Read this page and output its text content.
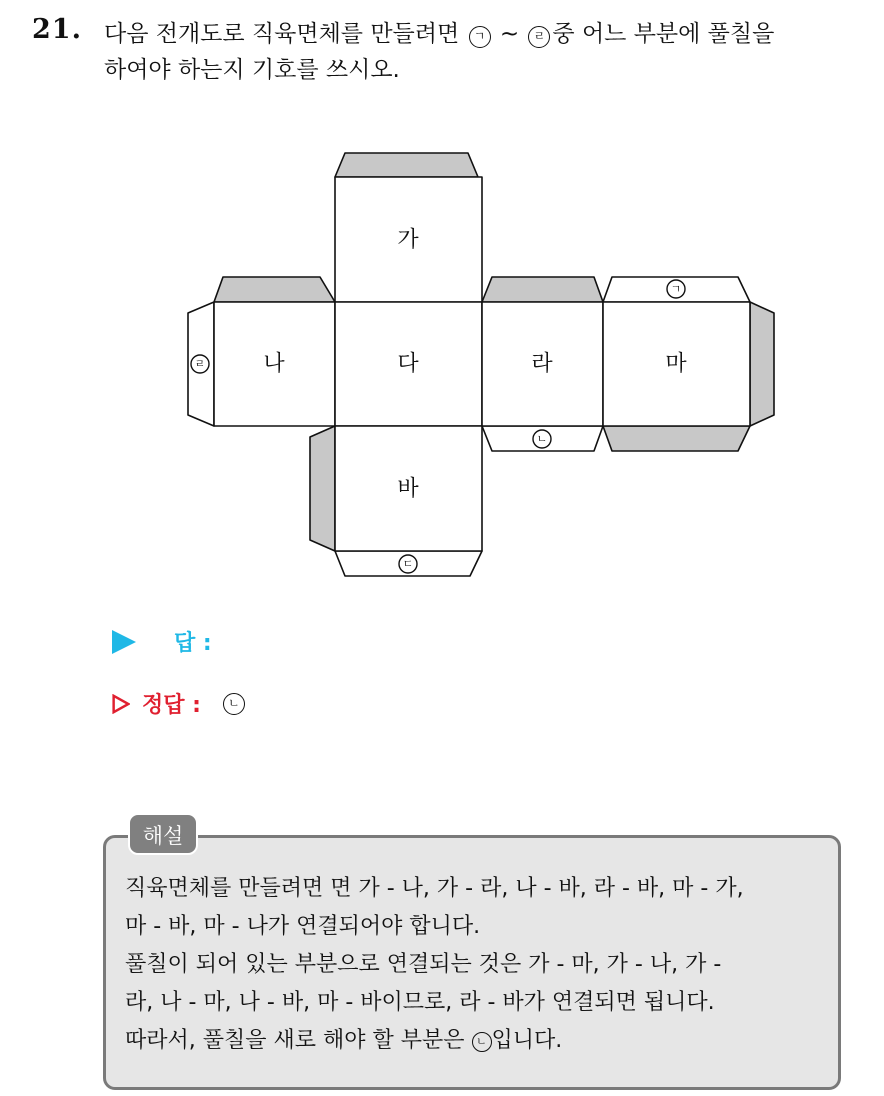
21. 다음 전개도로 직육면체를 만들려면 ㄱ ~ ㄹ 중 어느 부분에 풀칠을
하여야 하는지 기호를 쓰시오.
가
나	다	라	마
바
ㄱ
ㄴ
ㄷ
ㄹ
답 :
정답 :	ㄴ
해설
직육면체를 만들려면 면 가 - 나, 가 - 라, 나 - 바, 라 - 바, 마 - 가,
마 - 바, 마 - 나가 연결되어야 합니다.
풀칠이 되어 있는 부분으로 연결되는 것은 가 - 마, 가 - 나, 가 -
라, 나 - 마, 나 - 바, 마 - 바이므로, 라 - 바가 연결되면 됩니다.
따라서, 풀칠을 새로 해야 할 부분은 ㄴ 입니다.
